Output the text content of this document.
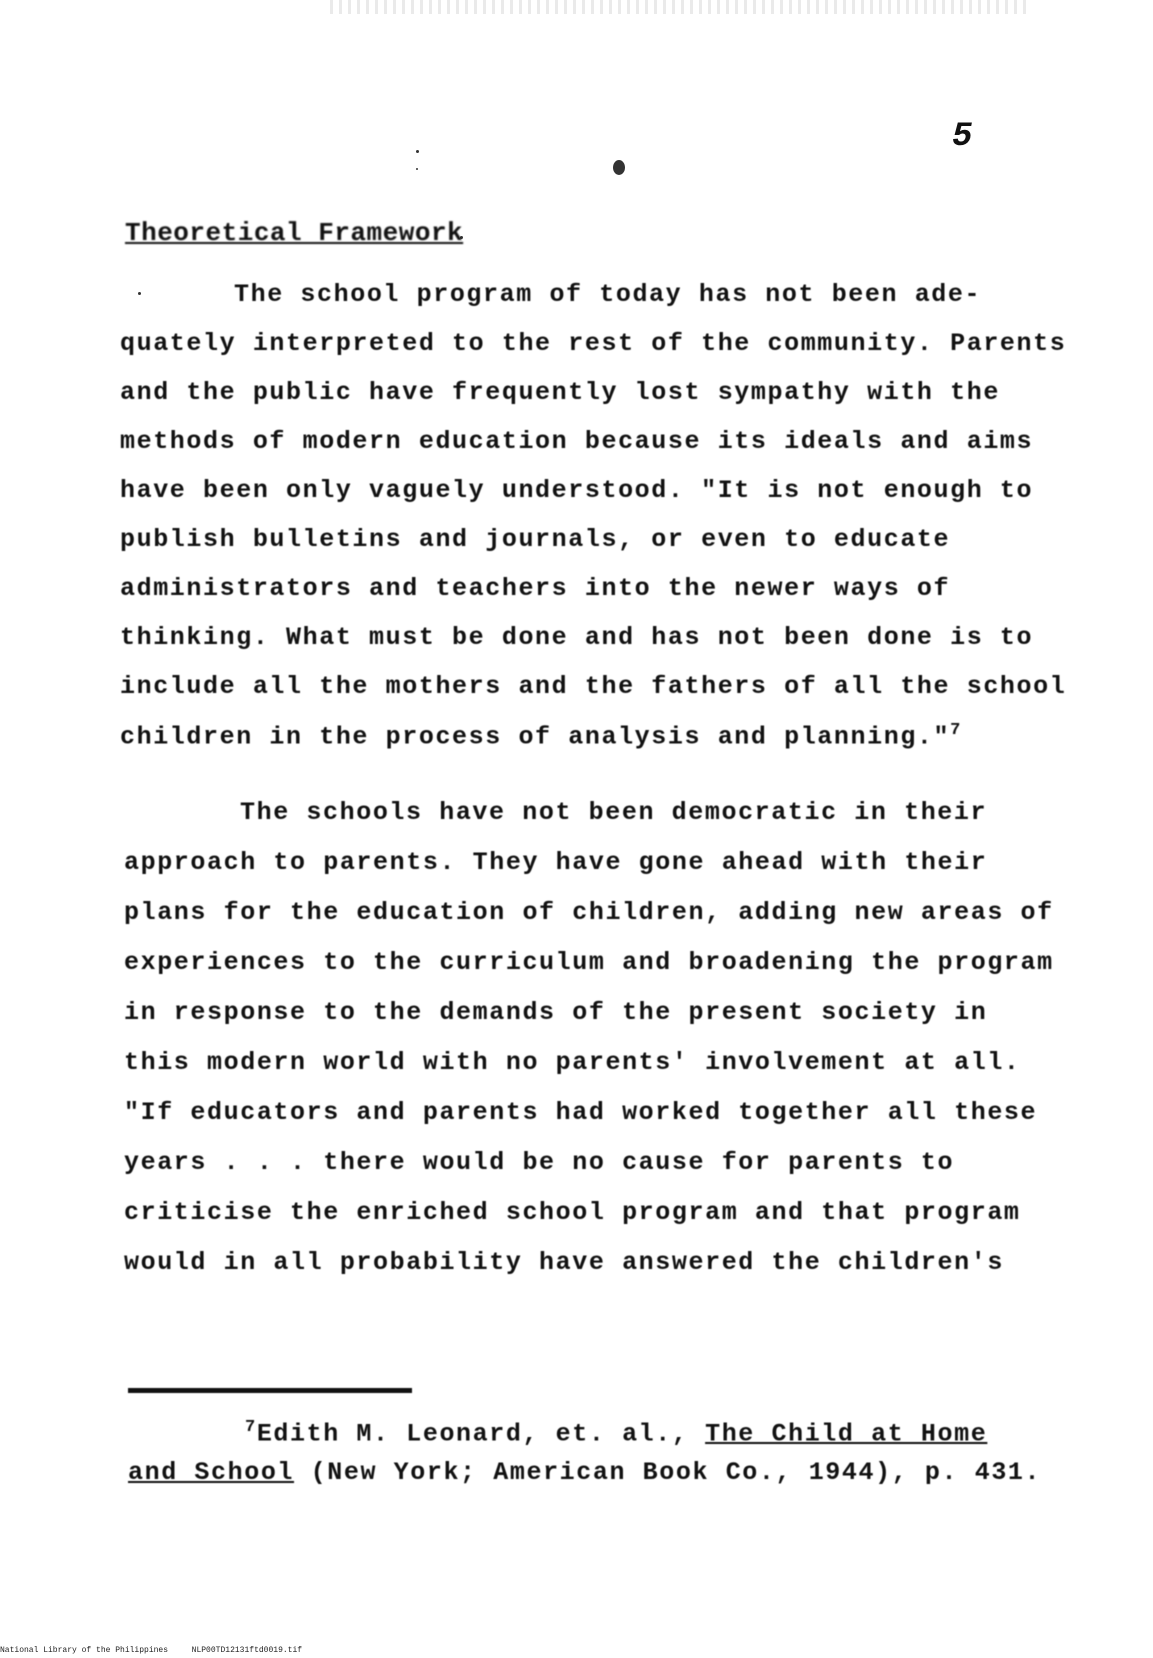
5
Theoretical Framework
The school program of today has not been ade-
quately interpreted to the rest of the community. Parents
and the public have frequently lost sympathy with the
methods of modern education because its ideals and aims
have been only vaguely understood. "It is not enough to
publish bulletins and journals, or even to educate
administrators and teachers into the newer ways of
thinking. What must be done and has not been done is to
include all the mothers and the fathers of all the school
children in the process of analysis and planning."$^7$
The schools have not been democratic in their
approach to parents. They have gone ahead with their
plans for the education of children, adding new areas of
experiences to the curriculum and broadening the program
in response to the demands of the present society in
this modern world with no parents' involvement at all.
"If educators and parents had worked together all these
years . . . there would be no cause for parents to
criticise the enriched school program and that program
would in all probability have answered the children's
$^7$Edith M. Leonard, et. al., The Child at Home
and School (New York; American Book Co., 1944), p. 431.
National Library of the Philippines	NLP00TD12131ftd0019.tif
